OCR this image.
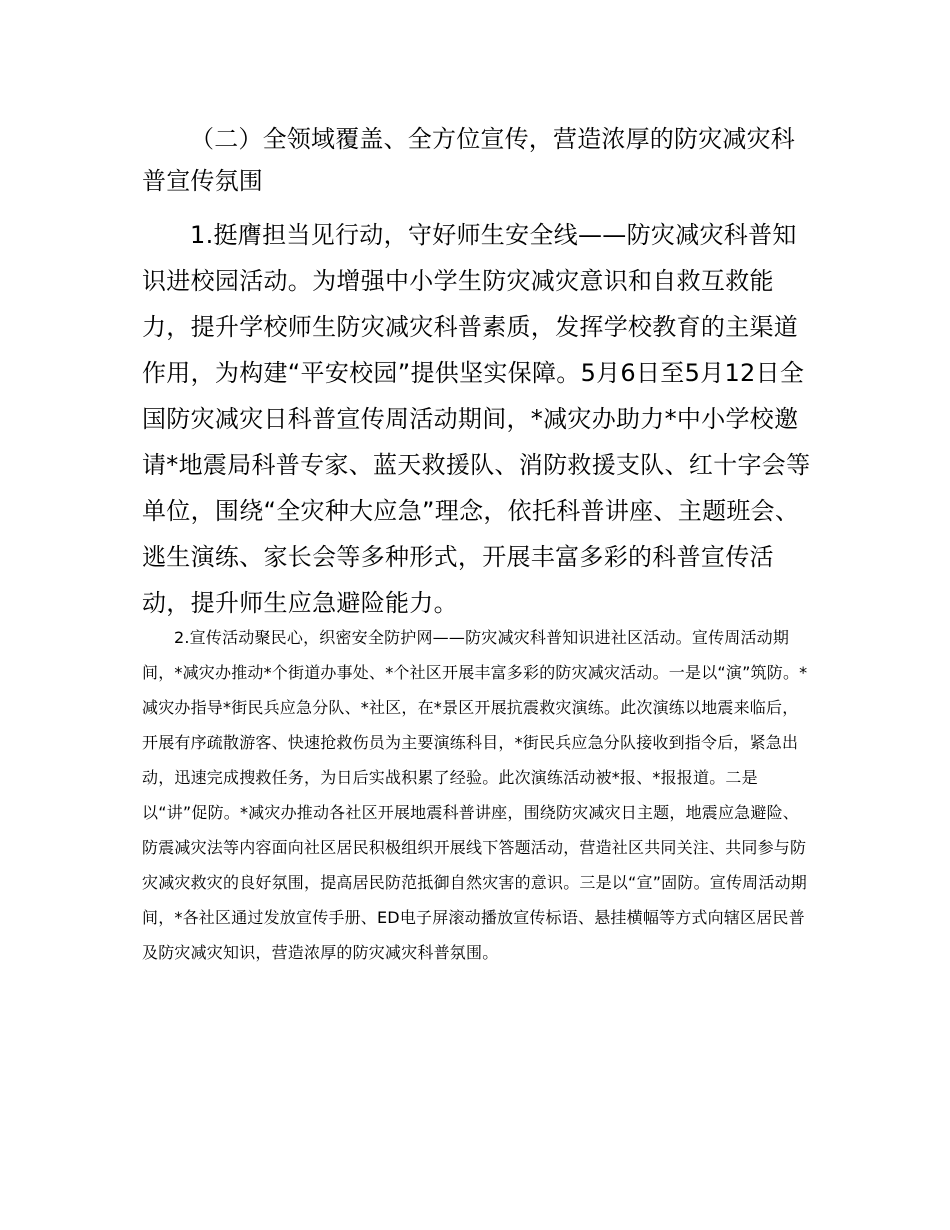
（二）全领域覆盖、全方位宣传，营造浓厚的防灾减灾科普宣传氛围

1.挺膺担当见行动，守好师生安全线——防灾减灾科普知识进校园活动。为增强中小学生防灾减灾意识和自救互救能力，提升学校师生防灾减灾科普素质，发挥学校教育的主渠道作用，为构建“平安校园”提供坚实保障。5月6日至5月12日全国防灾减灾日科普宣传周活动期间，*减灾办助力*中小学校邀请*地震局科普专家、蓝天救援队、消防救援支队、红十字会等单位，围绕“全灾种大应急”理念，依托科普讲座、主题班会、逃生演练、家长会等多种形式，开展丰富多彩的科普宣传活动，提升师生应急避险能力。

2.宣传活动聚民心，织密安全防护网——防灾减灾科普知识进社区活动。宣传周活动期间，*减灾办推动*个街道办事处、*个社区开展丰富多彩的防灾减灾活动。一是以“演”筑防。*减灾办指导*街民兵应急分队、*社区，在*景区开展抗震救灾演练。此次演练以地震来临后，开展有序疏散游客、快速抢救伤员为主要演练科目，*街民兵应急分队接收到指令后，紧急出动，迅速完成搜救任务，为日后实战积累了经验。此次演练活动被*报、*报报道。二是以“讲”促防。*减灾办推动各社区开展地震科普讲座，围绕防灾减灾日主题，地震应急避险、防震减灾法等内容面向社区居民积极组织开展线下答题活动，营造社区共同关注、共同参与防灾减灾救灾的良好氛围，提高居民防范抵御自然灾害的意识。三是以“宣”固防。宣传周活动期间，*各社区通过发放宣传手册、ED电子屏滚动播放宣传标语、悬挂横幅等方式向辖区居民普及防灾减灾知识，营造浓厚的防灾减灾科普氛围。
